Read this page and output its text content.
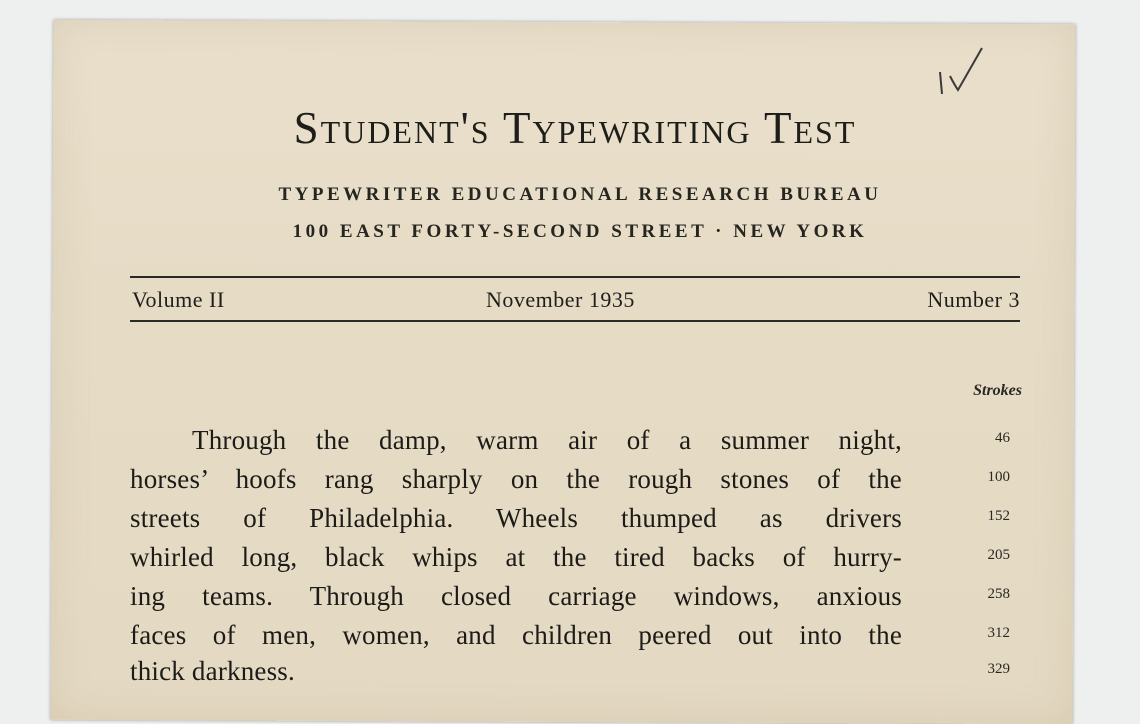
Student's Typewriting Test
TYPEWRITER EDUCATIONAL RESEARCH BUREAU
100 EAST FORTY-SECOND STREET · NEW YORK
Volume II	November 1935	Number 3
Strokes
Through the damp, warm air of a summer night,	46
horses’ hoofs rang sharply on the rough stones of the	100
streets of Philadelphia. Wheels thumped as drivers	152
whirled long, black whips at the tired backs of hurry-	205
ing teams. Through closed carriage windows, anxious	258
faces of men, women, and children peered out into the	312
thick darkness.	329
